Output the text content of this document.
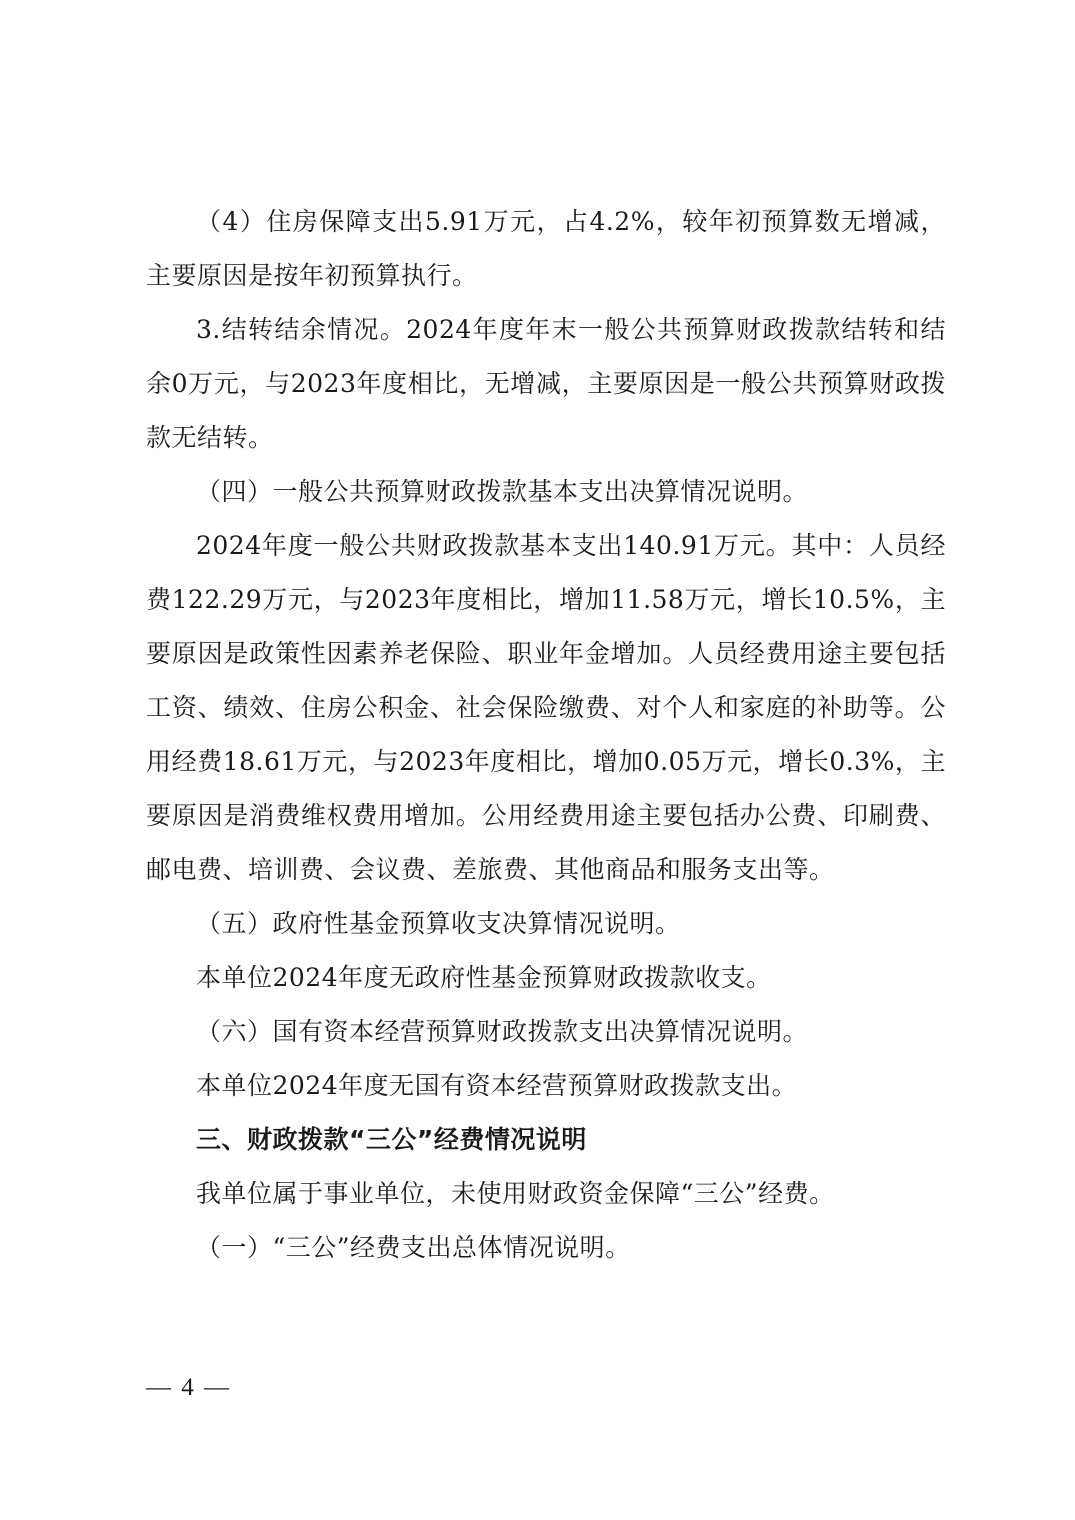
（4）住房保障支出5.91万元，占4.2%，较年初预算数无增减，主要原因是按年初预算执行。

3.结转结余情况。2024年度年末一般公共预算财政拨款结转和结余0万元，与2023年度相比，无增减，主要原因是一般公共预算财政拨款无结转。

（四）一般公共预算财政拨款基本支出决算情况说明。

2024年度一般公共财政拨款基本支出140.91万元。其中：人员经费122.29万元，与2023年度相比，增加11.58万元，增长10.5%，主要原因是政策性因素养老保险、职业年金增加。人员经费用途主要包括工资、绩效、住房公积金、社会保险缴费、对个人和家庭的补助等。公用经费18.61万元，与2023年度相比，增加0.05万元，增长0.3%，主要原因是消费维权费用增加。公用经费用途主要包括办公费、印刷费、邮电费、培训费、会议费、差旅费、其他商品和服务支出等。

（五）政府性基金预算收支决算情况说明。

本单位2024年度无政府性基金预算财政拨款收支。

（六）国有资本经营预算财政拨款支出决算情况说明。

本单位2024年度无国有资本经营预算财政拨款支出。

三、财政拨款“三公”经费情况说明

我单位属于事业单位，未使用财政资金保障“三公”经费。

（一）“三公”经费支出总体情况说明。

— 4 —
